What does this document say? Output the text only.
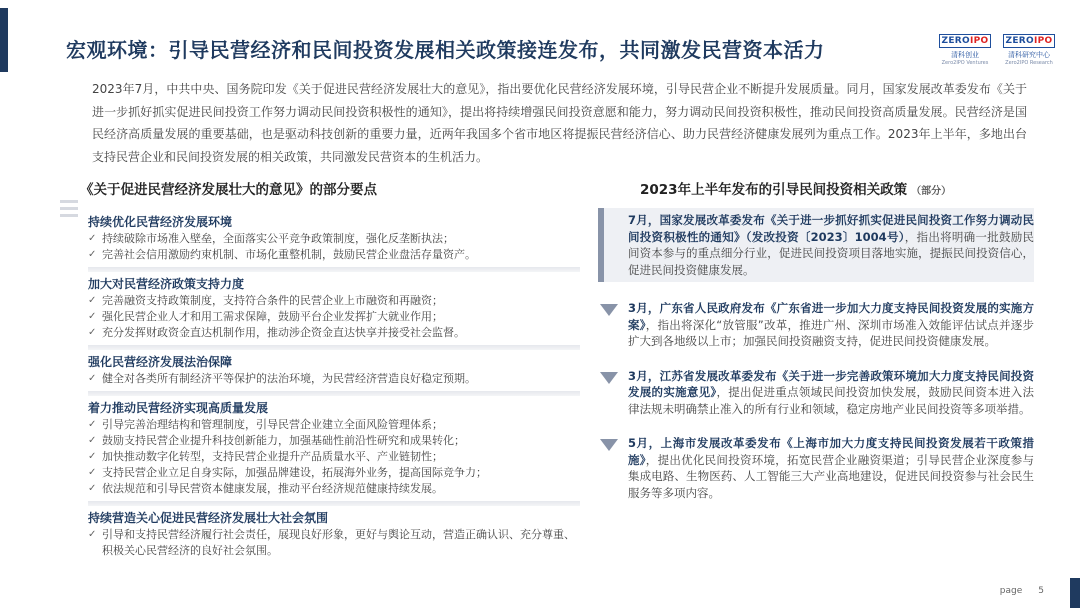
宏观环境：引导民营经济和民间投资发展相关政策接连发布，共同激发民营资本活力	ZEROIPO
清科创业
Zero2IPO Ventures
ZEROIPO
清科研究中心
Zero2IPO Research
2023年7月，中共中央、国务院印发《关于促进民营经济发展壮大的意见》，指出要优化民营经济发展环境，引导民营企业不断提升发展质量。同月，国家发展改革委发布《关于进一步抓好抓实促进民间投资工作努力调动民间投资积极性的通知》，提出将持续增强民间投资意愿和能力，努力调动民间投资积极性，推动民间投资高质量发展。民营经济是国民经济高质量发展的重要基础，也是驱动科技创新的重要力量，近两年我国多个省市地区将提振民营经济信心、助力民营经济健康发展列为重点工作。2023年上半年，多地出台支持民营企业和民间投资发展的相关政策，共同激发民营资本的生机活力。
《关于促进民营经济发展壮大的意见》的部分要点	2023年上半年发布的引导民间投资相关政策 （部分）
持续优化民营经济发展环境
✓ 持续破除市场准入壁垒，全面落实公平竞争政策制度，强化反垄断执法；
✓ 完善社会信用激励约束机制、市场化重整机制，鼓励民营企业盘活存量资产。
加大对民营经济政策支持力度
✓ 完善融资支持政策制度，支持符合条件的民营企业上市融资和再融资；
✓ 强化民营企业人才和用工需求保障，鼓励平台企业发挥扩大就业作用；
✓ 充分发挥财政资金直达机制作用，推动涉企资金直达快享并接受社会监督。
强化民营经济发展法治保障
✓ 健全对各类所有制经济平等保护的法治环境，为民营经济营造良好稳定预期。
着力推动民营经济实现高质量发展
✓ 引导完善治理结构和管理制度，引导民营企业建立全面风险管理体系；
✓ 鼓励支持民营企业提升科技创新能力，加强基础性前沿性研究和成果转化；
✓ 加快推动数字化转型，支持民营企业提升产品质量水平、产业链韧性；
✓ 支持民营企业立足自身实际，加强品牌建设，拓展海外业务，提高国际竞争力；
✓ 依法规范和引导民营资本健康发展，推动平台经济规范健康持续发展。
持续营造关心促进民营经济发展壮大社会氛围
✓ 引导和支持民营经济履行社会责任，展现良好形象，更好与舆论互动，营造正确认识、充分尊重、积极关心民营经济的良好社会氛围。

7月，国家发展改革委发布《关于进一步抓好抓实促进民间投资工作努力调动民间投资积极性的通知》（发改投资〔2023〕1004号），指出将明确一批鼓励民间资本参与的重点细分行业，促进民间投资项目落地实施，提振民间投资信心，促进民间投资健康发展。

3月，广东省人民政府发布《广东省进一步加大力度支持民间投资发展的实施方案》，指出将深化“放管服”改革，推进广州、深圳市场准入效能评估试点并逐步扩大到各地级以上市；加强民间投资融资支持，促进民间投资健康发展。

3月，江苏省发展改革委发布《关于进一步完善政策环境加大力度支持民间投资发展的实施意见》，提出促进重点领域民间投资加快发展，鼓励民间资本进入法律法规未明确禁止准入的所有行业和领域，稳定房地产业民间投资等多项举措。

5月，上海市发展改革委发布《上海市加大力度支持民间投资发展若干政策措施》，提出优化民间投资环境，拓宽民营企业融资渠道；引导民营企业深度参与集成电路、生物医药、人工智能三大产业高地建设，促进民间投资参与社会民生服务等多项内容。

page 5
